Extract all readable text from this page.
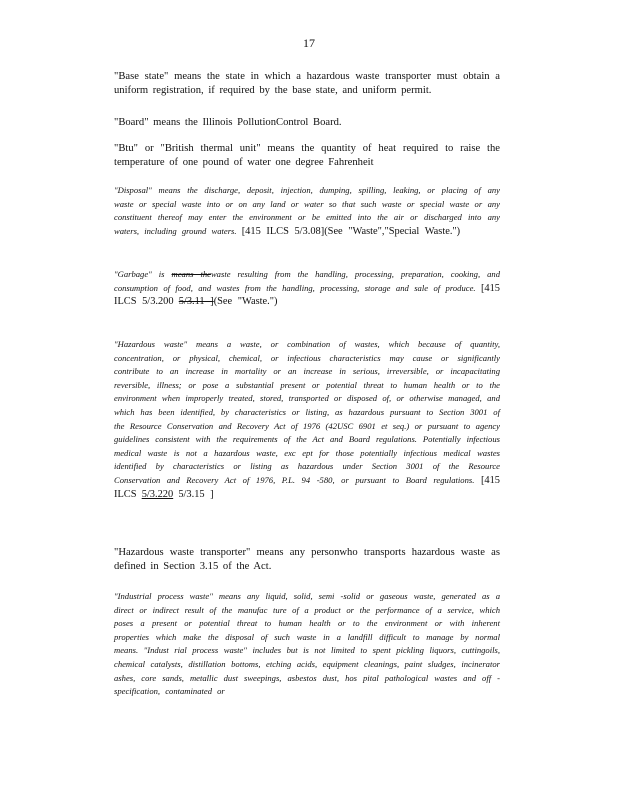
17

"Base state" means the state in which a hazardous waste transporter must obtain a uniform registration, if required by the base state, and uniform permit.

"Board" means the Illinois PollutionControl Board.

"Btu" or "British thermal unit" means the quantity of heat required to raise the temperature of one pound of water one degree Fahrenheit

"Disposal" means the discharge, deposit, injection, dumping, spilling, leaking, or placing of any waste or special waste into or on any land or water so that such waste or special waste or any constituent thereof may enter the environment or be emitted into the air or discharged into any waters, including ground waters. [415 ILCS 5/3.08](See "Waste","Special Waste.")

"Garbage" is means thewaste resulting from the handling, processing, preparation, cooking, and consumption of food, and wastes from the handling, processing, storage and sale of produce. [415 ILCS 5/3.200 5/3.11 ](See "Waste.")

"Hazardous waste" means a waste, or combination of wastes, which because of quantity, concentration, or physical, chemical, or infectious characteristics may cause or significantly contribute to an increase in mortality or an increase in serious, irreversible, or incapacitating reversible, illness; or pose a substantial present or potential threat to human health or to the environment when improperly treated, stored, transported or disposed of, or otherwise managed, and which has been identified, by characteristics or listing, as hazardous pursuant to Section 3001 of the Resource Conservation and Recovery Act of 1976 (42USC 6901 et seq.) or pursuant to agency guidelines consistent with the requirements of the Act and Board regulations. Potentially infectious medical waste is not a hazardous waste, exc ept for those potentially infectious medical wastes identified by characteristics or listing as hazardous under Section 3001 of the Resource Conservation and Recovery Act of 1976, P.L. 94 -580, or pursuant to Board regulations. [415 ILCS 5/3.220 5/3.15 ]

"Hazardous waste transporter" means any personwho transports hazardous waste as defined in Section 3.15 of the Act.

"Industrial process waste" means any liquid, solid, semi -solid or gaseous waste, generated as a direct or indirect result of the manufac ture of a product or the performance of a service, which poses a present or potential threat to human health or to the environment or with inherent properties which make the disposal of such waste in a landfill difficult to manage by normal means. "Indust rial process waste" includes but is not limited to spent pickling liquors, cuttingoils, chemical catalysts, distillation bottoms, etching acids, equipment cleanings, paint sludges, incinerator ashes, core sands, metallic dust sweepings, asbestos dust, hos pital pathological wastes and off -specification, contaminated or
